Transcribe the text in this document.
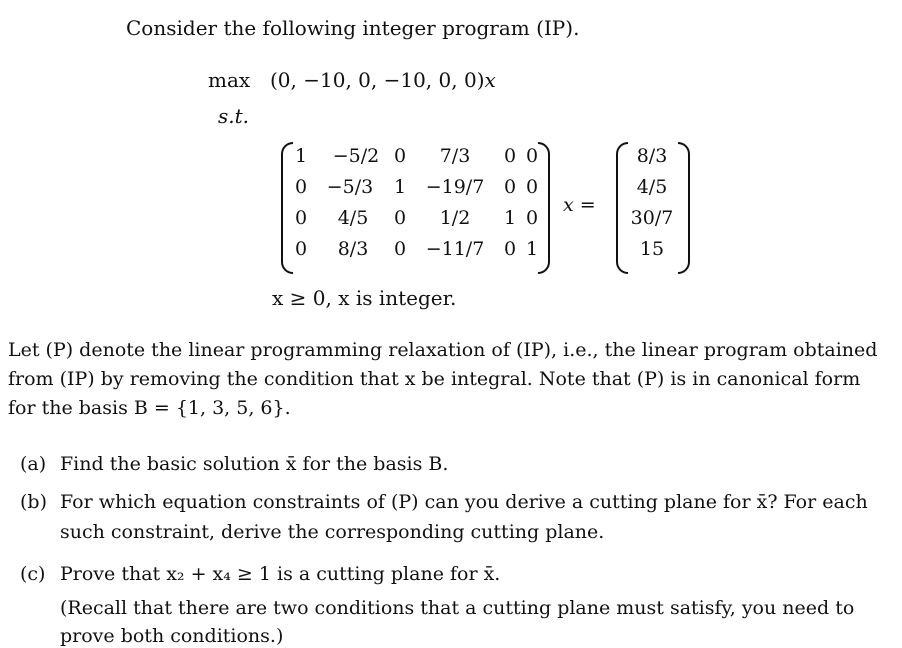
Consider the following integer program (IP).
max (0, −10, 0, −10, 0, 0)x
s.t.
1 −5/2 0	7/3	0 0
0	−5/3	1	−19/7	0 0
0	4/5	0	1/2	1 0
0	8/3	0	−11/7	0 1
x =
8/3
4/5
30/7
15
x ≥ 0, x is integer.
Let (P) denote the linear programming relaxation of (IP), i.e., the linear program obtained
from (IP) by removing the condition that x be integral. Note that (P) is in canonical form
for the basis B = {1, 3, 5, 6}.
(a) Find the basic solution x̄ for the basis B.
(b) For which equation constraints of (P) can you derive a cutting plane for x̄? For each
such constraint, derive the corresponding cutting plane.
(c) Prove that x₂ + x₄ ≥ 1 is a cutting plane for x̄.
(Recall that there are two conditions that a cutting plane must satisfy, you need to
prove both conditions.)
